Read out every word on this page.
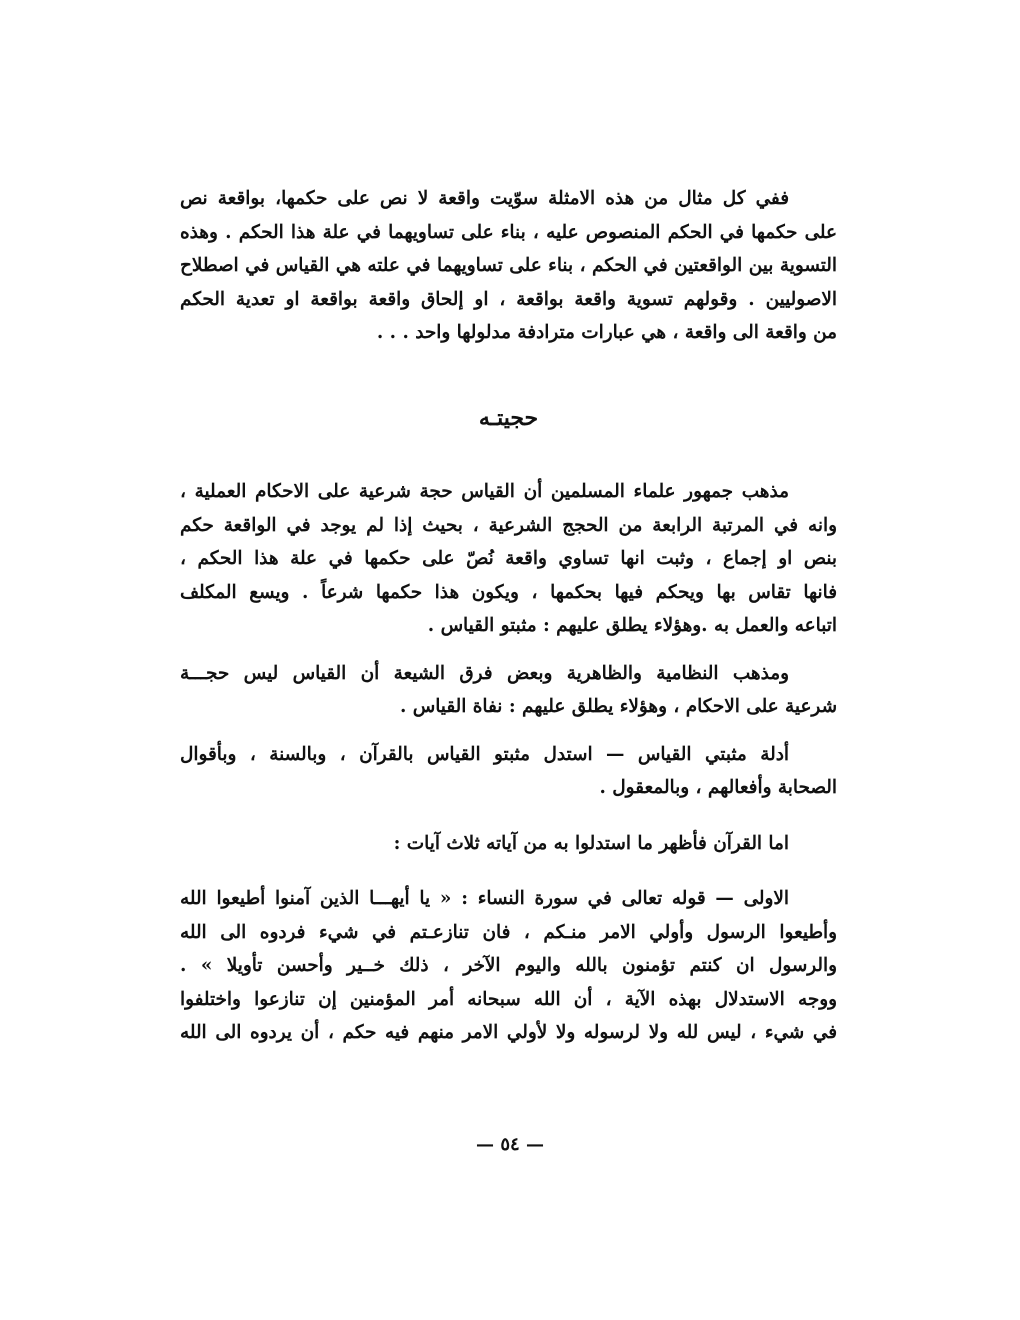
ففي كل مثال من هذه الامثلة سوّيت واقعة لا نص على حكمها، بواقعة نص
على حكمها في الحكم المنصوص عليه ، بناء على تساويهما في علة هذا الحكم . وهذه
التسوية بين الواقعتين في الحكم ، بناء على تساويهما في علته هي القياس في اصطلاح
الاصوليين . وقولهم تسوية واقعة بواقعة ، او إلحاق واقعة بواقعة او تعدية الحكم
من واقعة الى واقعة ، هي عبارات مترادفة مدلولها واحد . . .
حجيتـه
مذهب جمهور علماء المسلمين أن القياس حجة شرعية على الاحكام العملية ،
وانه في المرتبة الرابعة من الحجج الشرعية ، بحيث إذا لم يوجد في الواقعة حكم
بنص او إجماع ، وثبت انها تساوي واقعة نُصّ على حكمها في علة هذا الحكم ،
فانها تقاس بها ويحكم فيها بحكمها ، ويكون هذا حكمها شرعاً . ويسع المكلف
اتباعه والعمل به .وهؤلاء يطلق عليهم : مثبتو القياس .
ومذهب النظامية والظاهرية وبعض فرق الشيعة أن القياس ليس حجـــة
شرعية على الاحكام ، وهؤلاء يطلق عليهم : نفاة القياس .
أدلة مثبتي القياس — استدل مثبتو القياس بالقرآن ، وبالسنة ، وبأقوال
الصحابة وأفعالهم ، وبالمعقول .
اما القرآن فأظهر ما استدلوا به من آياته ثلاث آيات :
الاولى — قوله تعالى في سورة النساء : « يا أيهـــا الذين آمنوا أطيعوا الله
وأطيعوا الرسول وأولي الامر منـكم ، فان تنازعـتم في شيء فردوه الى الله
والرسول ان كنتم تؤمنون بالله واليوم الآخر ، ذلك خــير وأحسن تأويلا » .
ووجه الاستدلال بهذه الآية ، أن الله سبحانه أمر المؤمنين إن تنازعوا واختلفوا
في شيء ، ليس لله ولا لرسوله ولا لأولي الامر منهم فيه حكم ، أن يردوه الى الله
— ٥٤ —
